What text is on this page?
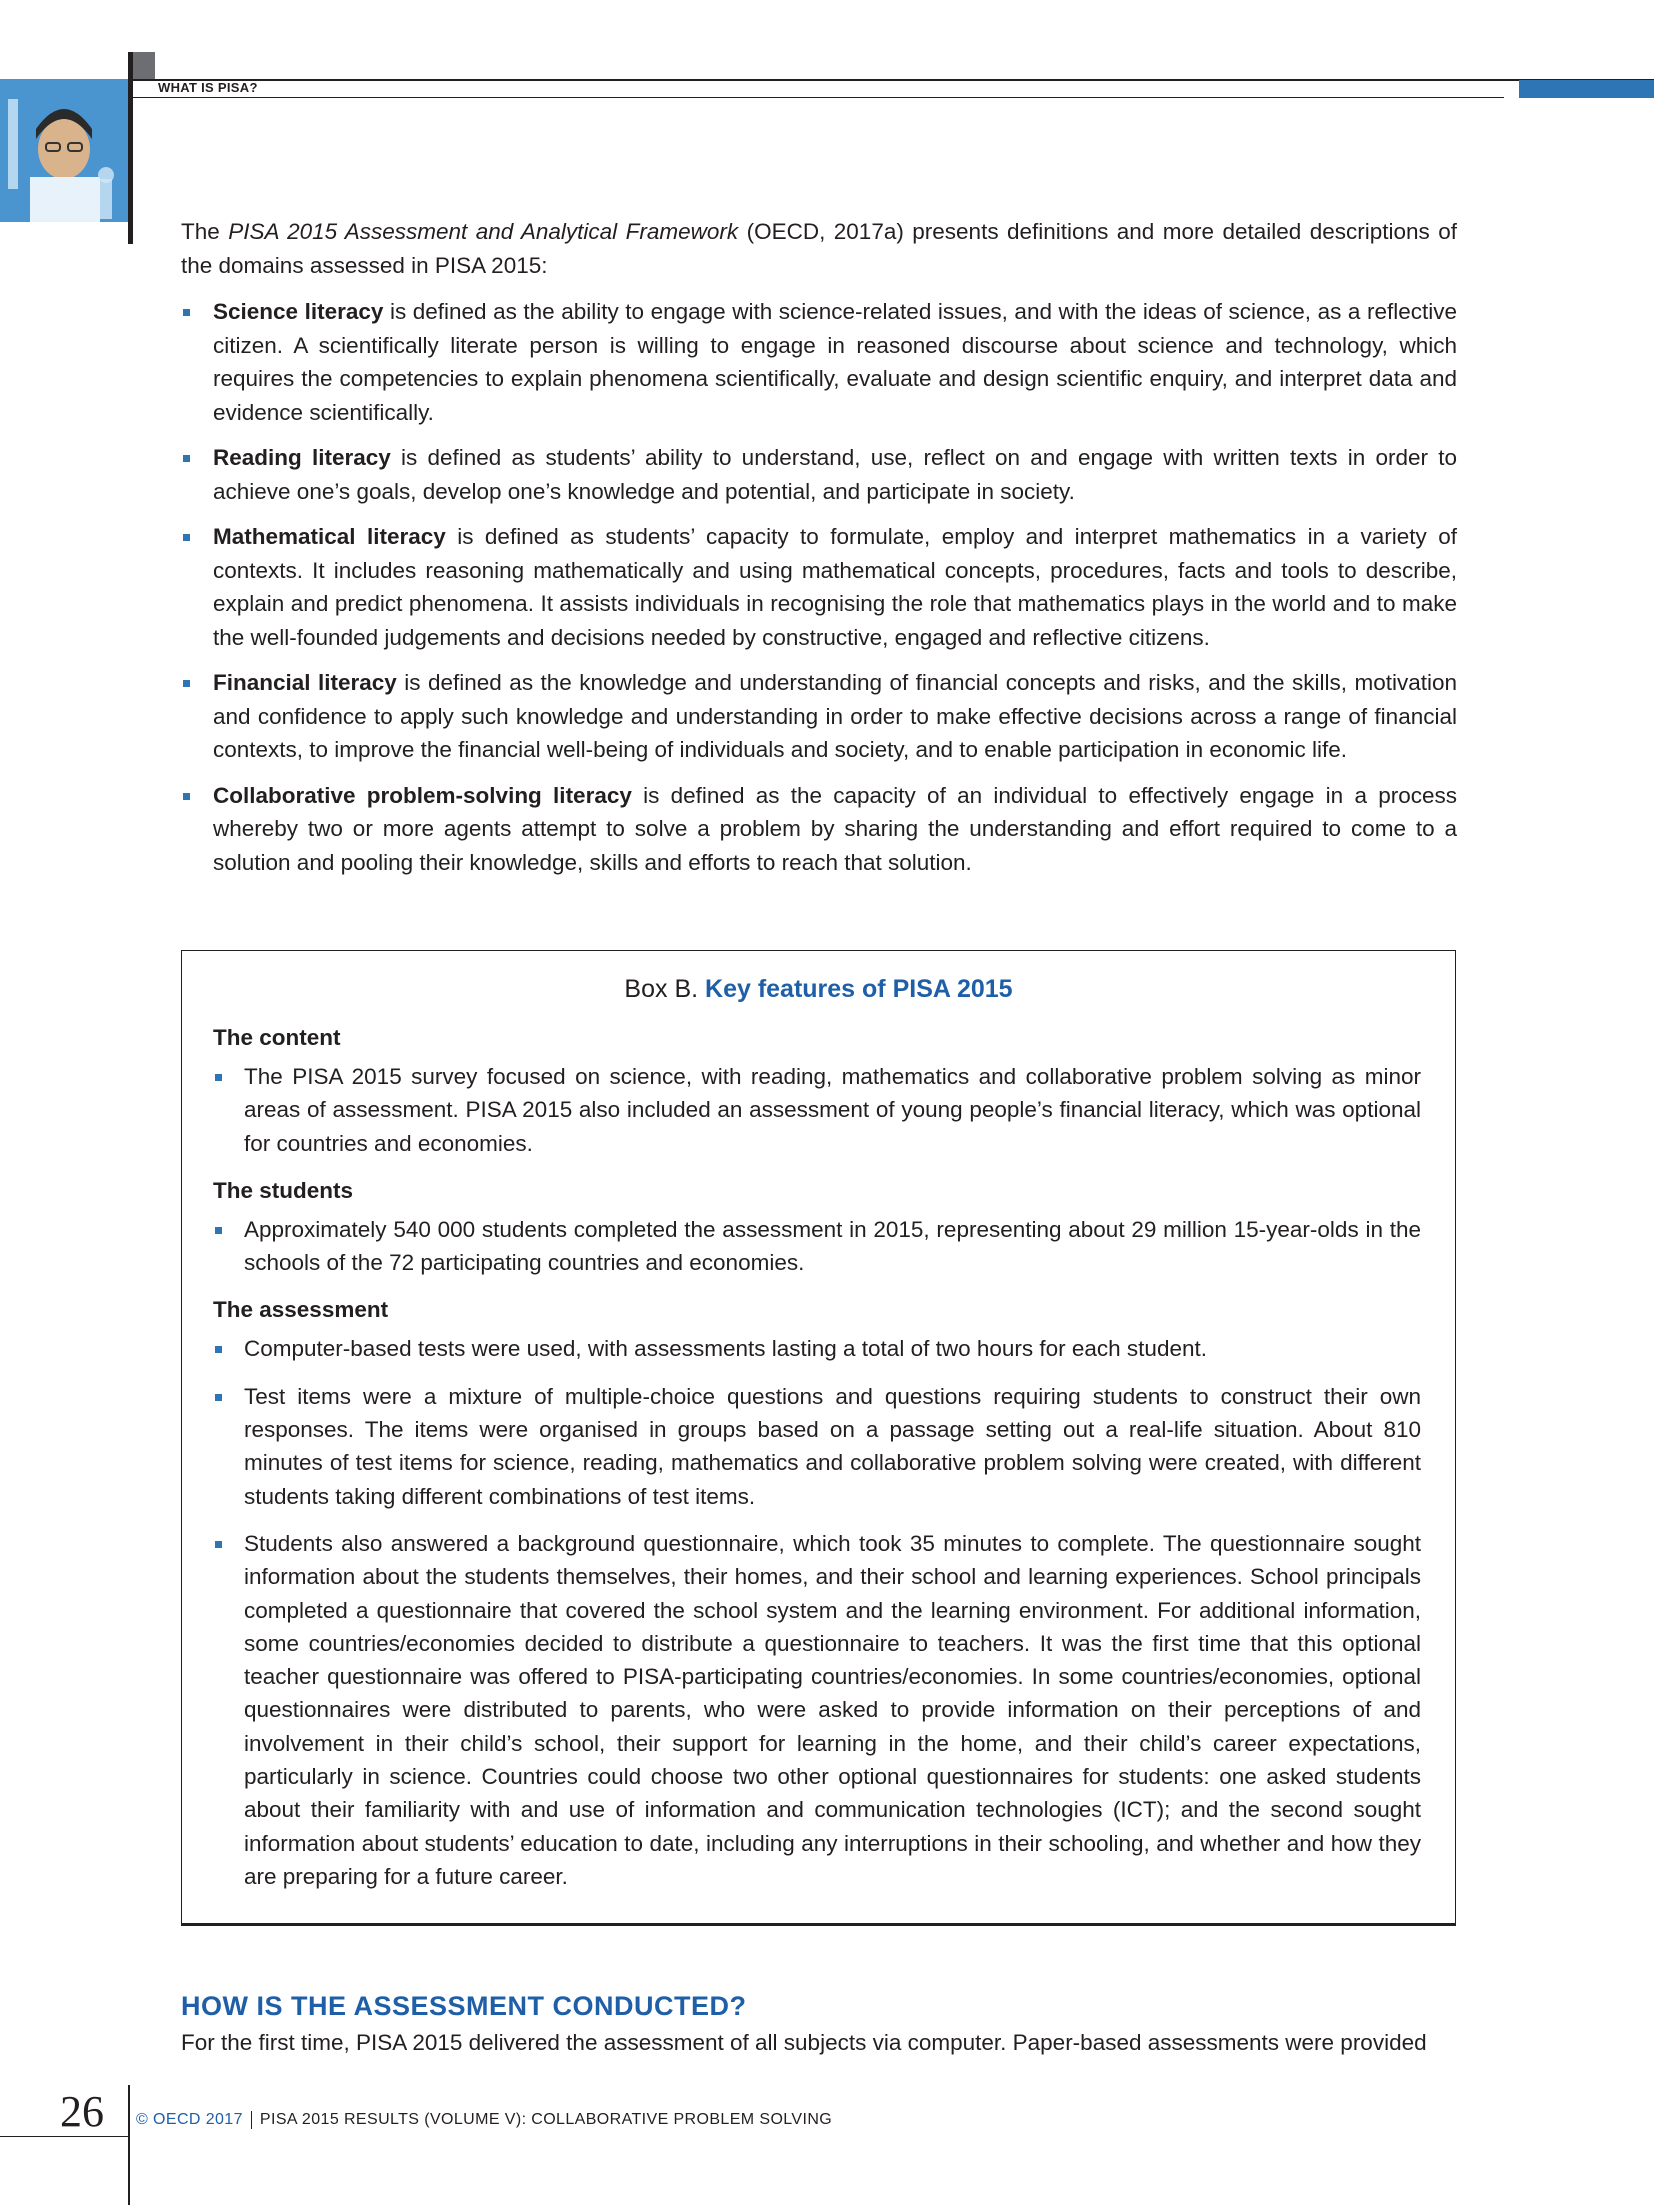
WHAT IS PISA?
The PISA 2015 Assessment and Analytical Framework (OECD, 2017a) presents definitions and more detailed descriptions of the domains assessed in PISA 2015:
Science literacy is defined as the ability to engage with science-related issues, and with the ideas of science, as a reflective citizen. A scientifically literate person is willing to engage in reasoned discourse about science and technology, which requires the competencies to explain phenomena scientifically, evaluate and design scientific enquiry, and interpret data and evidence scientifically.
Reading literacy is defined as students’ ability to understand, use, reflect on and engage with written texts in order to achieve one’s goals, develop one’s knowledge and potential, and participate in society.
Mathematical literacy is defined as students’ capacity to formulate, employ and interpret mathematics in a variety of contexts. It includes reasoning mathematically and using mathematical concepts, procedures, facts and tools to describe, explain and predict phenomena. It assists individuals in recognising the role that mathematics plays in the world and to make the well-founded judgements and decisions needed by constructive, engaged and reflective citizens.
Financial literacy is defined as the knowledge and understanding of financial concepts and risks, and the skills, motivation and confidence to apply such knowledge and understanding in order to make effective decisions across a range of financial contexts, to improve the financial well-being of individuals and society, and to enable participation in economic life.
Collaborative problem-solving literacy is defined as the capacity of an individual to effectively engage in a process whereby two or more agents attempt to solve a problem by sharing the understanding and effort required to come to a solution and pooling their knowledge, skills and efforts to reach that solution.
Box B. Key features of PISA 2015
The content
The PISA 2015 survey focused on science, with reading, mathematics and collaborative problem solving as minor areas of assessment. PISA 2015 also included an assessment of young people’s financial literacy, which was optional for countries and economies.
The students
Approximately 540 000 students completed the assessment in 2015, representing about 29 million 15-year-olds in the schools of the 72 participating countries and economies.
The assessment
Computer-based tests were used, with assessments lasting a total of two hours for each student.
Test items were a mixture of multiple-choice questions and questions requiring students to construct their own responses. The items were organised in groups based on a passage setting out a real-life situation. About 810 minutes of test items for science, reading, mathematics and collaborative problem solving were created, with different students taking different combinations of test items.
Students also answered a background questionnaire, which took 35 minutes to complete. The questionnaire sought information about the students themselves, their homes, and their school and learning experiences. School principals completed a questionnaire that covered the school system and the learning environment. For additional information, some countries/economies decided to distribute a questionnaire to teachers. It was the first time that this optional teacher questionnaire was offered to PISA-participating countries/economies. In some countries/economies, optional questionnaires were distributed to parents, who were asked to provide information on their perceptions of and involvement in their child’s school, their support for learning in the home, and their child’s career expectations, particularly in science. Countries could choose two other optional questionnaires for students: one asked students about their familiarity with and use of information and communication technologies (ICT); and the second sought information about students’ education to date, including any interruptions in their schooling, and whether and how they are preparing for a future career.
HOW IS THE ASSESSMENT CONDUCTED?
For the first time, PISA 2015 delivered the assessment of all subjects via computer. Paper-based assessments were provided
26 © OECD 2017 PISA 2015 RESULTS (VOLUME V): COLLABORATIVE PROBLEM SOLVING
